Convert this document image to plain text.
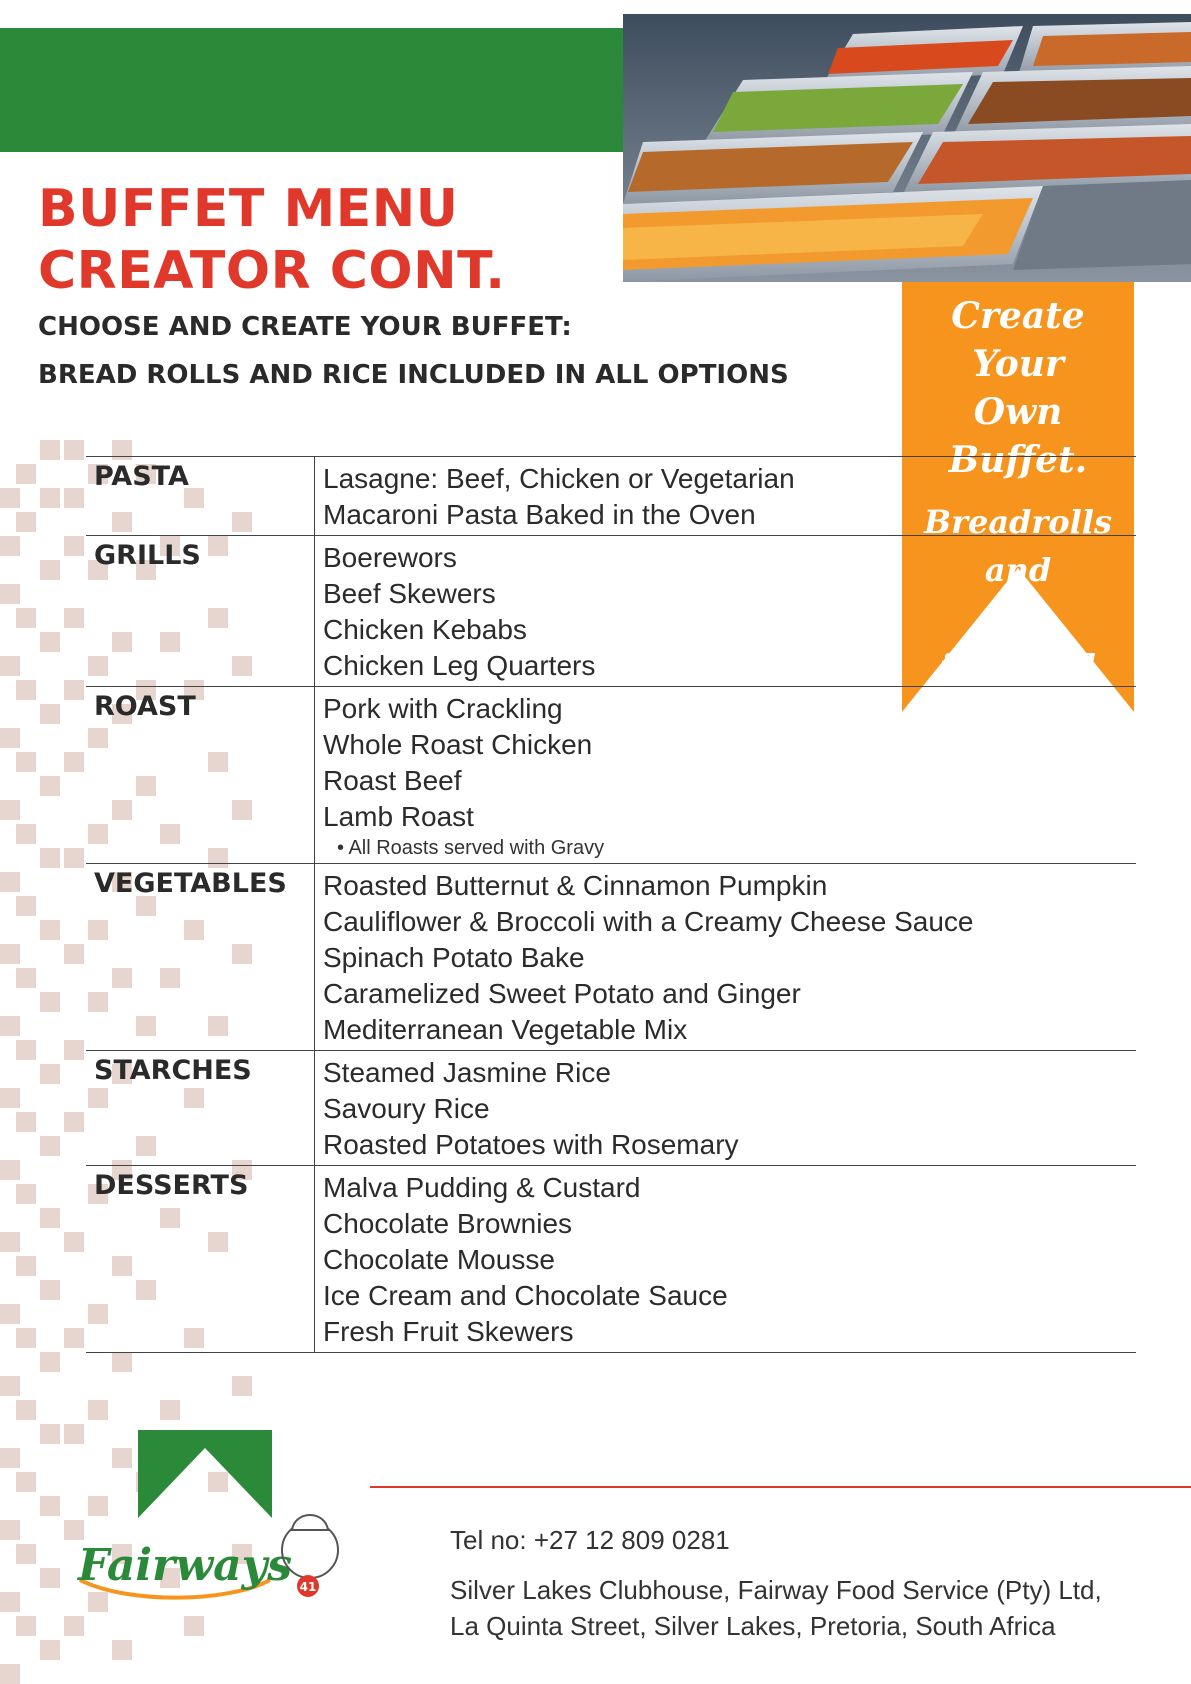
BUFFET MENU
CREATOR CONT.

CHOOSE AND CREATE YOUR BUFFET:

BREAD ROLLS AND RICE INCLUDED IN ALL OPTIONS

Create Your
Own Buffet.
Breadrolls and
rice included
in all options
PASTA	Lasagne: Beef, Chicken or Vegetarian
Macaroni Pasta Baked in the Oven

GRILLS	Boerewors
Beef Skewers
Chicken Kebabs
Chicken Leg Quarters

ROAST	Pork with Crackling
Whole Roast Chicken
Roast Beef
Lamb Roast
• All Roasts served with Gravy

VEGETABLES	Roasted Butternut & Cinnamon Pumpkin
Cauliflower & Broccoli with a Creamy Cheese Sauce
Spinach Potato Bake
Caramelized Sweet Potato and Ginger
Mediterranean Vegetable Mix

STARCHES	Steamed Jasmine Rice
Savoury Rice
Roasted Potatoes with Rosemary

DESSERTS	Malva Pudding & Custard
Chocolate Brownies
Chocolate Mousse
Ice Cream and Chocolate Sauce
Fresh Fruit Skewers
Fairways 41

Tel no: +27 12 809 0281

Silver Lakes Clubhouse, Fairway Food Service (Pty) Ltd,

La Quinta Street, Silver Lakes, Pretoria, South Africa
